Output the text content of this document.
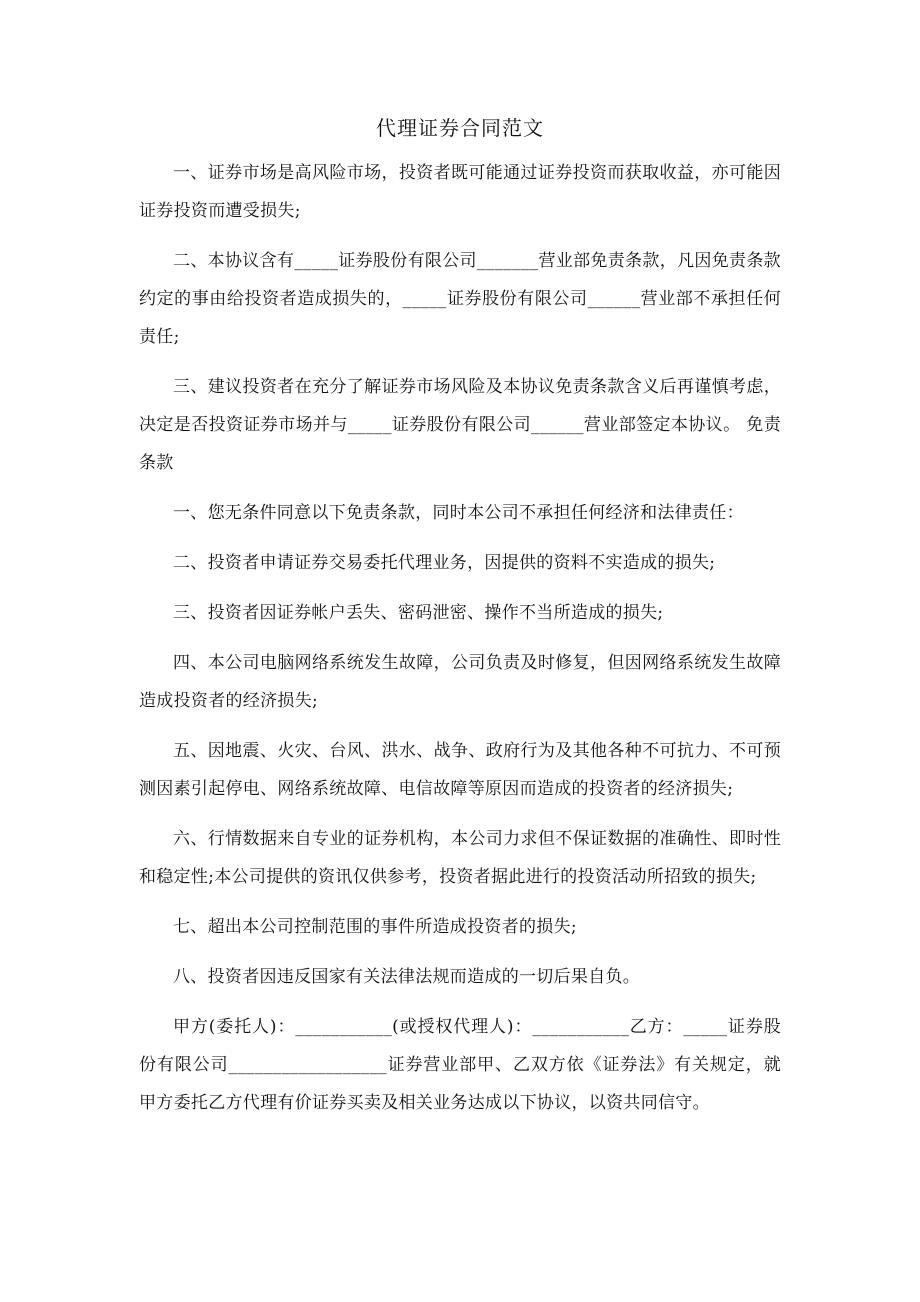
代理证券合同范文

一、证券市场是高风险市场，投资者既可能通过证券投资而获取收益，亦可能因证券投资而遭受损失;

二、本协议含有_____证券股份有限公司_______营业部免责条款，凡因免责条款约定的事由给投资者造成损失的，_____证券股份有限公司______营业部不承担任何责任;

三、建议投资者在充分了解证券市场风险及本协议免责条款含义后再谨慎考虑，决定是否投资证券市场并与_____证券股份有限公司______营业部签定本协议。 免责条款

一、您无条件同意以下免责条款，同时本公司不承担任何经济和法律责任：

二、投资者申请证券交易委托代理业务，因提供的资料不实造成的损失;

三、投资者因证券帐户丢失、密码泄密、操作不当所造成的损失;

四、本公司电脑网络系统发生故障，公司负责及时修复，但因网络系统发生故障造成投资者的经济损失;

五、因地震、火灾、台风、洪水、战争、政府行为及其他各种不可抗力、不可预测因素引起停电、网络系统故障、电信故障等原因而造成的投资者的经济损失;

六、行情数据来自专业的证券机构，本公司力求但不保证数据的准确性、即时性和稳定性;本公司提供的资讯仅供参考，投资者据此进行的投资活动所招致的损失;

七、超出本公司控制范围的事件所造成投资者的损失;

八、投资者因违反国家有关法律法规而造成的一切后果自负。

甲方(委托人)：___________(或授权代理人)：___________乙方：_____证券股份有限公司__________________证券营业部甲、乙双方依《证券法》有关规定，就甲方委托乙方代理有价证券买卖及相关业务达成以下协议，以资共同信守。
